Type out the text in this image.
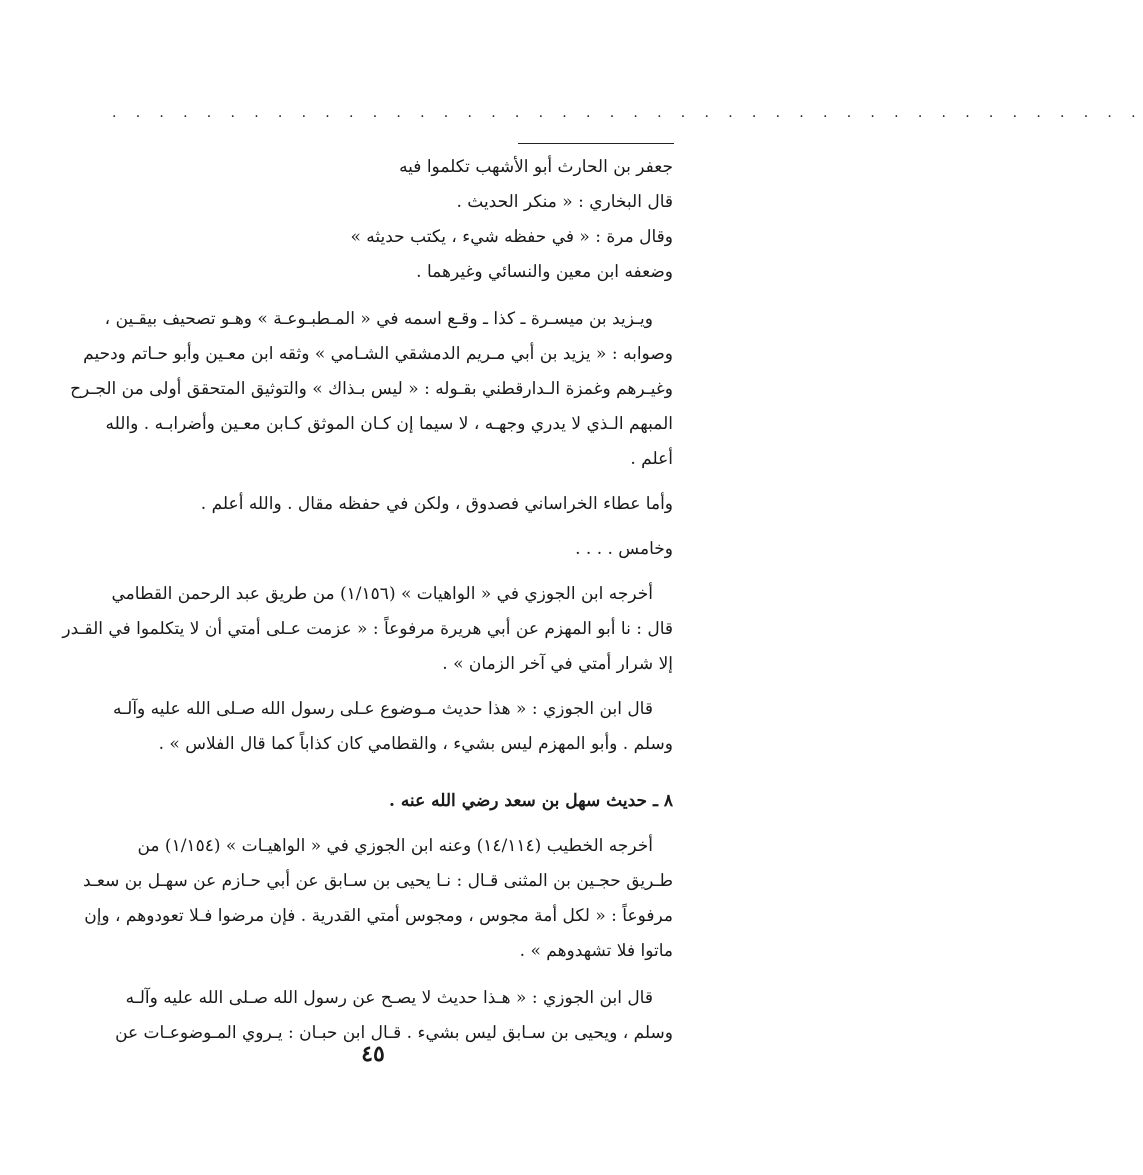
. . . . . . . . . . . . . . . . . . . . . . . . . . . . . . . . . . . . . . . . . . . .
جعفر بن الحارث أبو الأشهب تكلموا فيه
قال البخاري : « منكر الحديث .
وقال مرة : « في حفظه شيء ، يكتب حديثه »
وضعفه ابن معين والنسائي وغيرهما .
ويـزيد بن ميسـرة ـ كذا ـ وقـع اسمه في « المـطبـوعـة » وهـو تصحيف بيقـين ،
وصوابه : « يزيد بن أبي مـريم الدمشقي الشـامي » وثقه ابن معـين وأبو حـاتم ودحيم
وغيـرهم وغمزة الـدارقطني بقـوله : « ليس بـذاك » والتوثيق المتحقق أولى من الجـرح
المبهم الـذي لا يدري وجهـه ، لا سيما إن كـان الموثق كـابن معـين وأضرابـه . والله
أعلم .
وأما عطاء الخراساني فصدوق ، ولكن في حفظه مقال . والله أعلم .
وخامس . . . .
أخرجه ابن الجوزي في « الواهيات » (١/١٥٦) من طريق عبد الرحمن القطامي
قال : نا أبو المهزم عن أبي هريرة مرفوعاً : « عزمت عـلى أمتي أن لا يتكلموا في القـدر
إلا شرار أمتي في آخر الزمان » .
قال ابن الجوزي : « هذا حديث مـوضوع عـلى رسول الله صـلى الله عليه وآلـه
وسلم . وأبو المهزم ليس بشيء ، والقطامي كان كذاباً كما قال الفلاس » .
٨ ـ حديث سهل بن سعد رضي الله عنه .
أخرجه الخطيب (١٤/١١٤) وعنه ابن الجوزي في « الواهيـات » (١/١٥٤) من
طـريق حجـين بن المثنى قـال : نـا يحيى بن سـابق عن أبي حـازم عن سهـل بن سعـد
مرفوعاً : « لكل أمة مجوس ، ومجوس أمتي القدرية . فإن مرضوا فـلا تعودوهم ، وإن
ماتوا فلا تشهدوهم » .
قال ابن الجوزي : « هـذا حديث لا يصـح عن رسول الله صـلى الله عليه وآلـه
وسلم ، ويحيى بن سـابق ليس بشيء . قـال ابن حبـان : يـروي المـوضوعـات عن
٤٥
